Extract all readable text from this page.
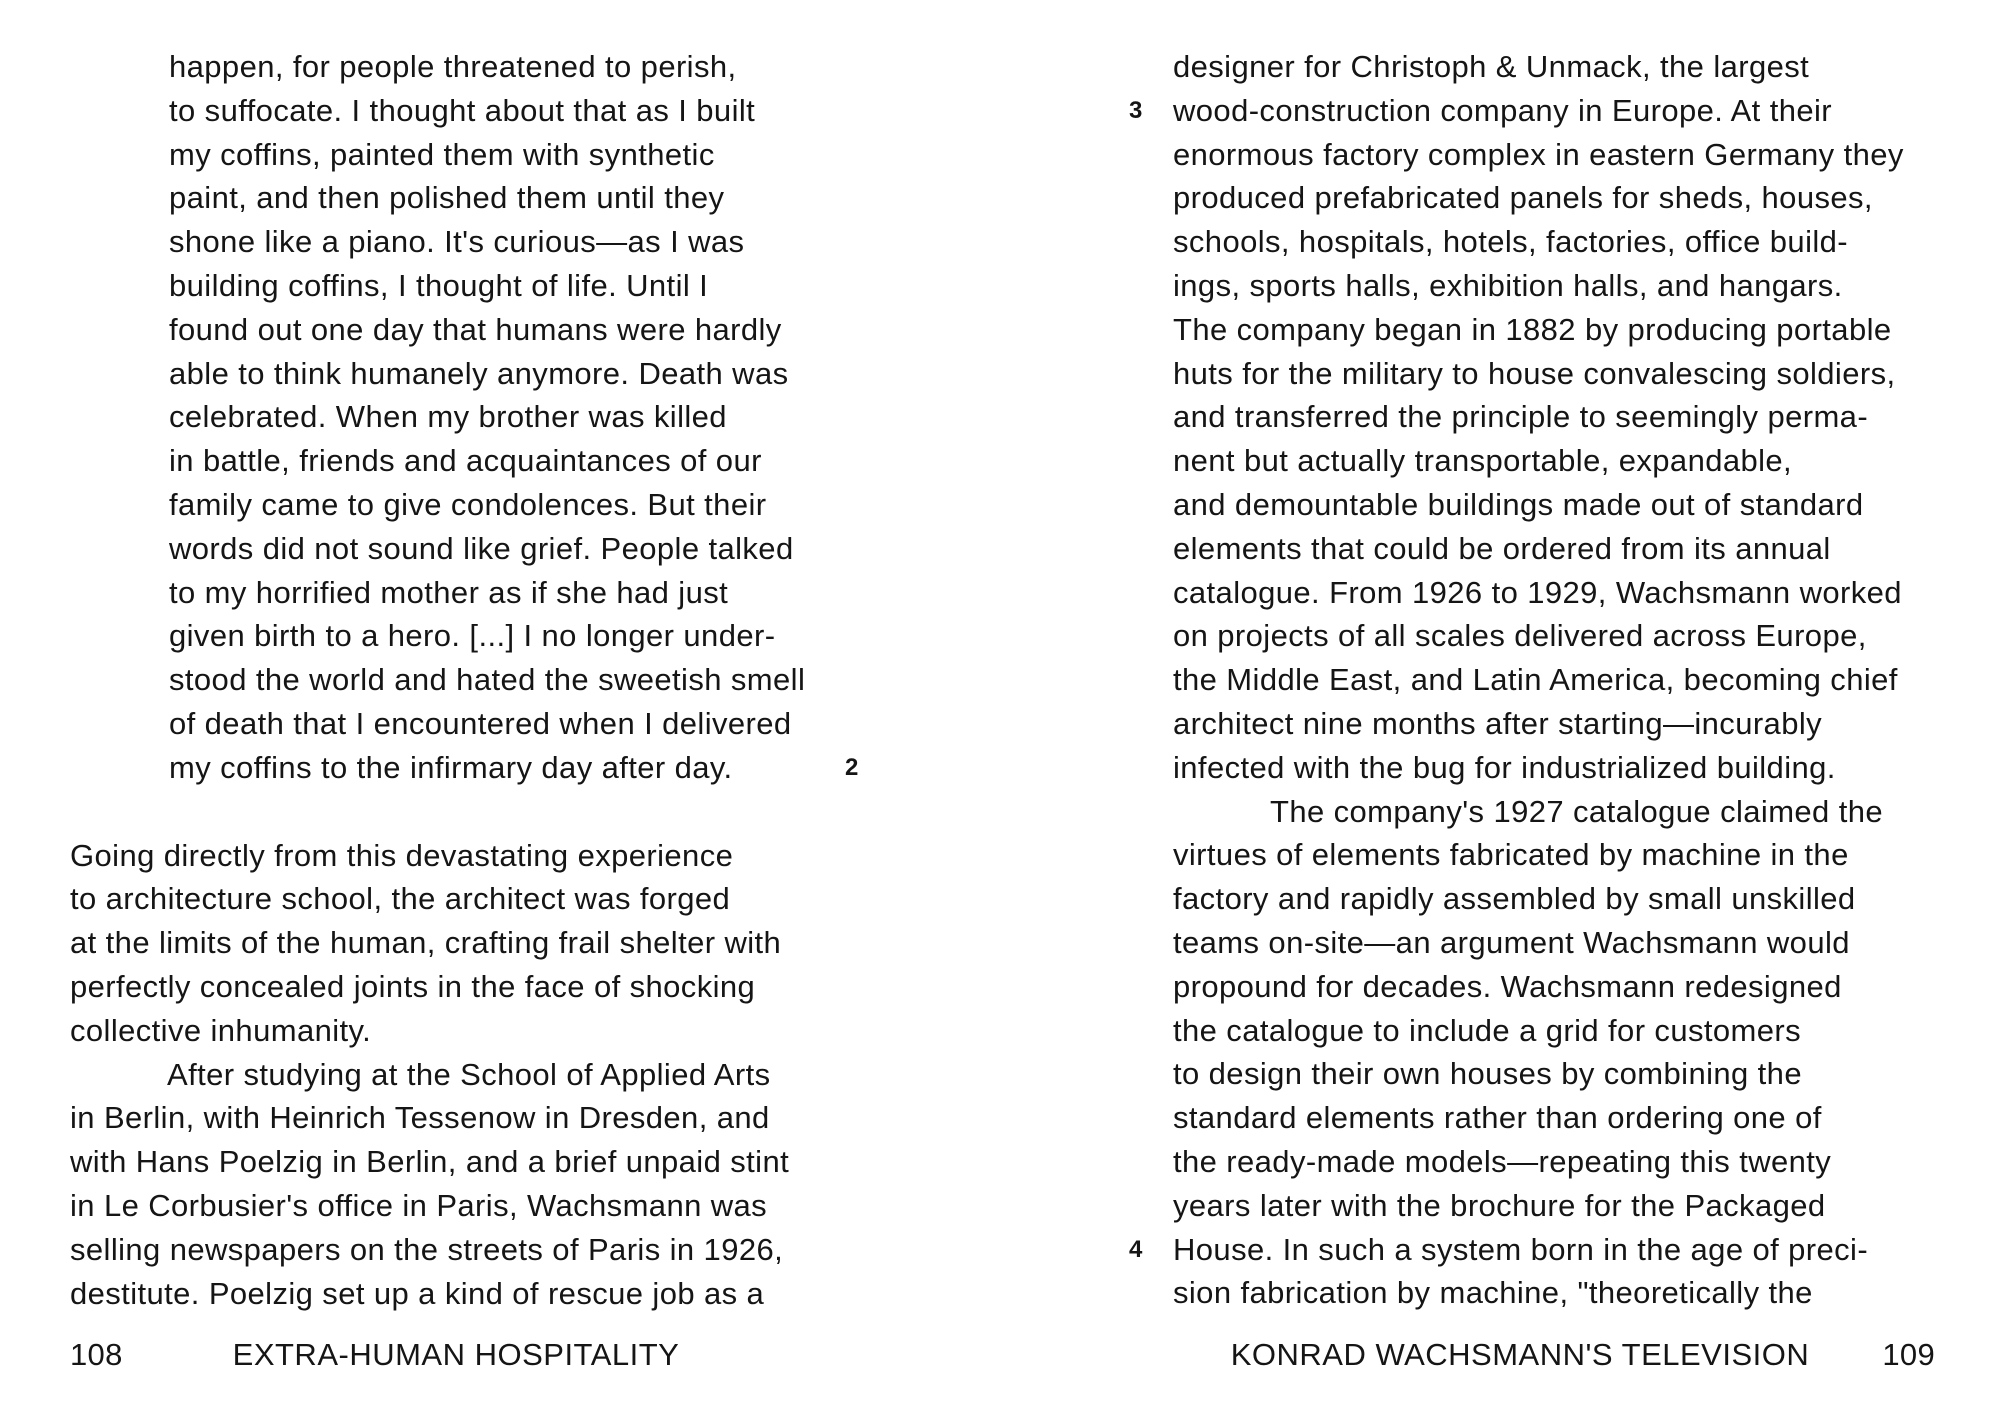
happen, for people threatened to perish,
to suffocate. I thought about that as I built
my coffins, painted them with synthetic
paint, and then polished them until they
shone like a piano. It's curious—as I was
building coffins, I thought of life. Until I
found out one day that humans were hardly
able to think humanely anymore. Death was
celebrated. When my brother was killed
in battle, friends and acquaintances of our
family came to give condolences. But their
words did not sound like grief. People talked
to my horrified mother as if she had just
given birth to a hero. [...] I no longer under-
stood the world and hated the sweetish smell
of death that I encountered when I delivered
my coffins to the infirmary day after day.	2
Going directly from this devastating experience
to architecture school, the architect was forged
at the limits of the human, crafting frail shelter with
perfectly concealed joints in the face of shocking
collective inhumanity.
After studying at the School of Applied Arts
in Berlin, with Heinrich Tessenow in Dresden, and
with Hans Poelzig in Berlin, and a brief unpaid stint
in Le Corbusier's office in Paris, Wachsmann was
selling newspapers on the streets of Paris in 1926,
destitute. Poelzig set up a kind of rescue job as a
designer for Christoph & Unmack, the largest
wood-construction company in Europe. At their
3
enormous factory complex in eastern Germany they
produced prefabricated panels for sheds, houses,
schools, hospitals, hotels, factories, office build-
ings, sports halls, exhibition halls, and hangars.
The company began in 1882 by producing portable
huts for the military to house convalescing soldiers,
and transferred the principle to seemingly perma-
nent but actually transportable, expandable,
and demountable buildings made out of standard
elements that could be ordered from its annual
catalogue. From 1926 to 1929, Wachsmann worked
on projects of all scales delivered across Europe,
the Middle East, and Latin America, becoming chief
architect nine months after starting—incurably
infected with the bug for industrialized building.
The company's 1927 catalogue claimed the
virtues of elements fabricated by machine in the
factory and rapidly assembled by small unskilled
teams on-site—an argument Wachsmann would
propound for decades. Wachsmann redesigned
the catalogue to include a grid for customers
to design their own houses by combining the
standard elements rather than ordering one of
the ready-made models—repeating this twenty
years later with the brochure for the Packaged
House. In such a system born in the age of preci-
4
sion fabrication by machine, "theoretically the
108	EXTRA-HUMAN HOSPITALITY	KONRAD WACHSMANN'S TELEVISION 109
